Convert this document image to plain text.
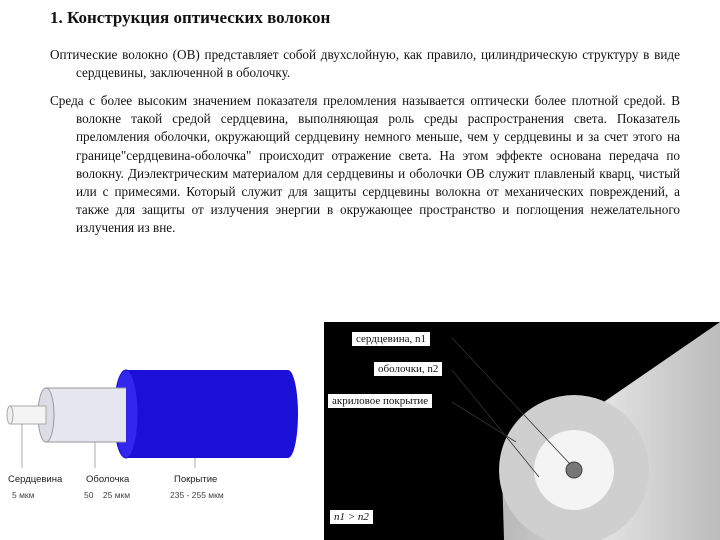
1. Конструкция оптических волокон

Оптические волокно (ОВ) представляет собой двухслойную, как правило, цилиндрическую структуру в виде сердцевины, заключенной в оболочку.

Среда с более высоким значением показателя преломления называется оптически более плотной средой. В волокне такой средой сердцевина, выполняющая роль среды распространения света. Показатель преломления оболочки, окружающий сердцевину немного меньше, чем у сердцевины и за счет этого на границе"сердцевина-оболочка" происходит отражение света. На этом эффекте основана передача по волокну. Диэлектрическим материалом для сердцевины и оболочки ОВ служит плавленый кварц, чистый или с примесями. Который служит для защиты сердцевины волокна от механических повреждений, а также для защиты от излучения энергии в окружающее пространство и поглощения нежелательного излучения из вне.

Сердцевина Оболочка	Покрытие
5 мкм	50    25 мкм	235 - 255 мкм
сердцевина, n1
оболочки, n2
акриловое покрытие
n1 > n2
